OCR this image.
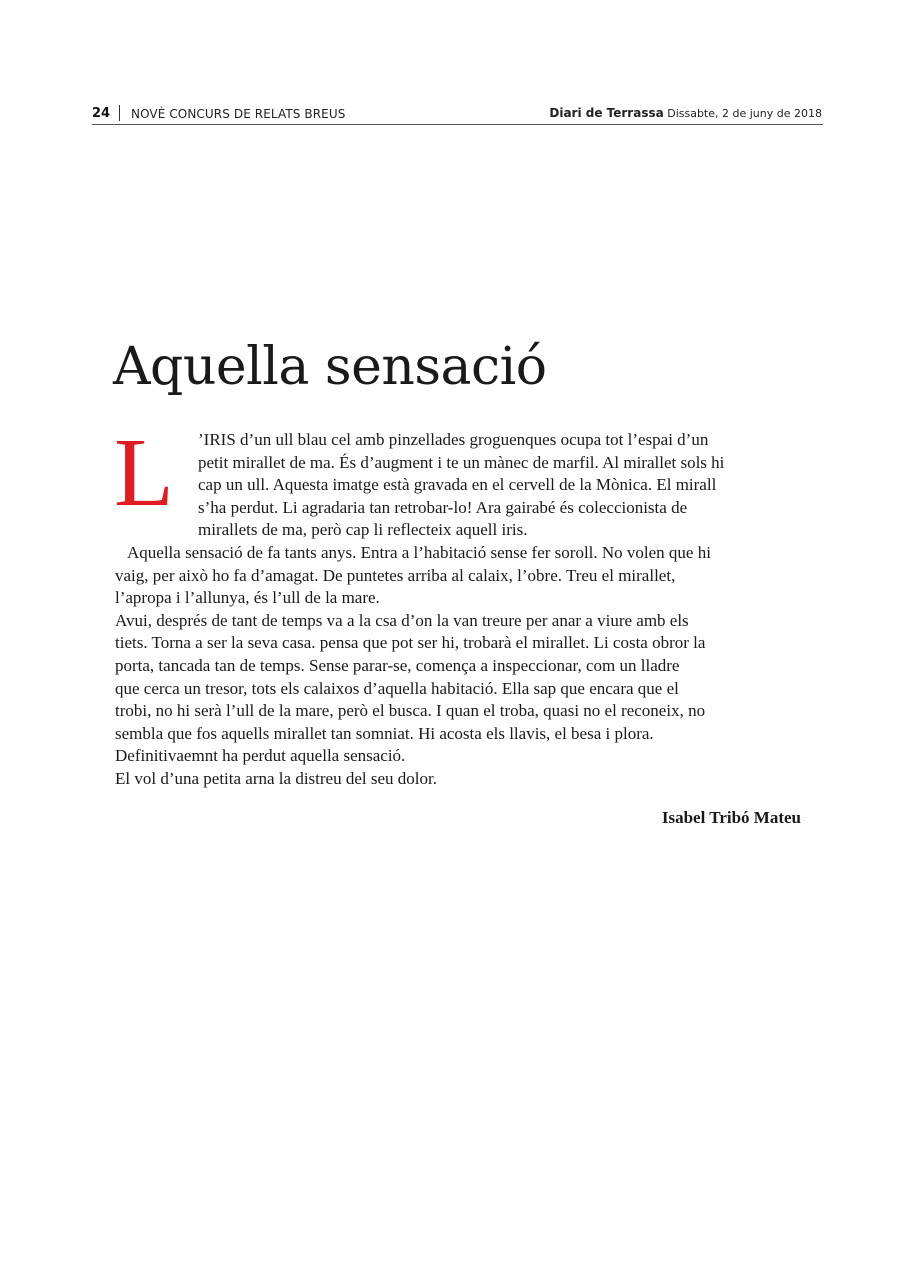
24 NOVÈ CONCURS DE RELATS BREUS	Diari de Terrassa Dissabte, 2 de juny de 2018
Aquella sensació
L	’IRIS d’un ull blau cel amb pinzellades groguenques ocupa tot l’espai d’un
petit mirallet de ma. És d’augment i te un mànec de marfil. Al mirallet sols hi
cap un ull. Aquesta imatge està gravada en el cervell de la Mònica. El mirall
s’ha perdut. Li agradaria tan retrobar-lo! Ara gairabé és coleccionista de
mirallets de ma, però cap li reflecteix aquell iris.
Aquella sensació de fa tants anys. Entra a l’habitació sense fer soroll. No volen que hi
vaig, per això ho fa d’amagat. De puntetes arriba al calaix, l’obre. Treu el mirallet,
l’apropa i l’allunya, és l’ull de la mare.
Avui, després de tant de temps va a la csa d’on la van treure per anar a viure amb els
tiets. Torna a ser la seva casa. pensa que pot ser hi, trobarà el mirallet. Li costa obror la
porta, tancada tan de temps. Sense parar-se, comença a inspeccionar, com un lladre
que cerca un tresor, tots els calaixos d’aquella habitació. Ella sap que encara que el
trobi, no hi serà l’ull de la mare, però el busca. I quan el troba, quasi no el reconeix, no
sembla que fos aquells mirallet tan somniat. Hi acosta els llavis, el besa i plora.
Definitivaemnt ha perdut aquella sensació.
El vol d’una petita arna la distreu del seu dolor.
Isabel Tribó Mateu
